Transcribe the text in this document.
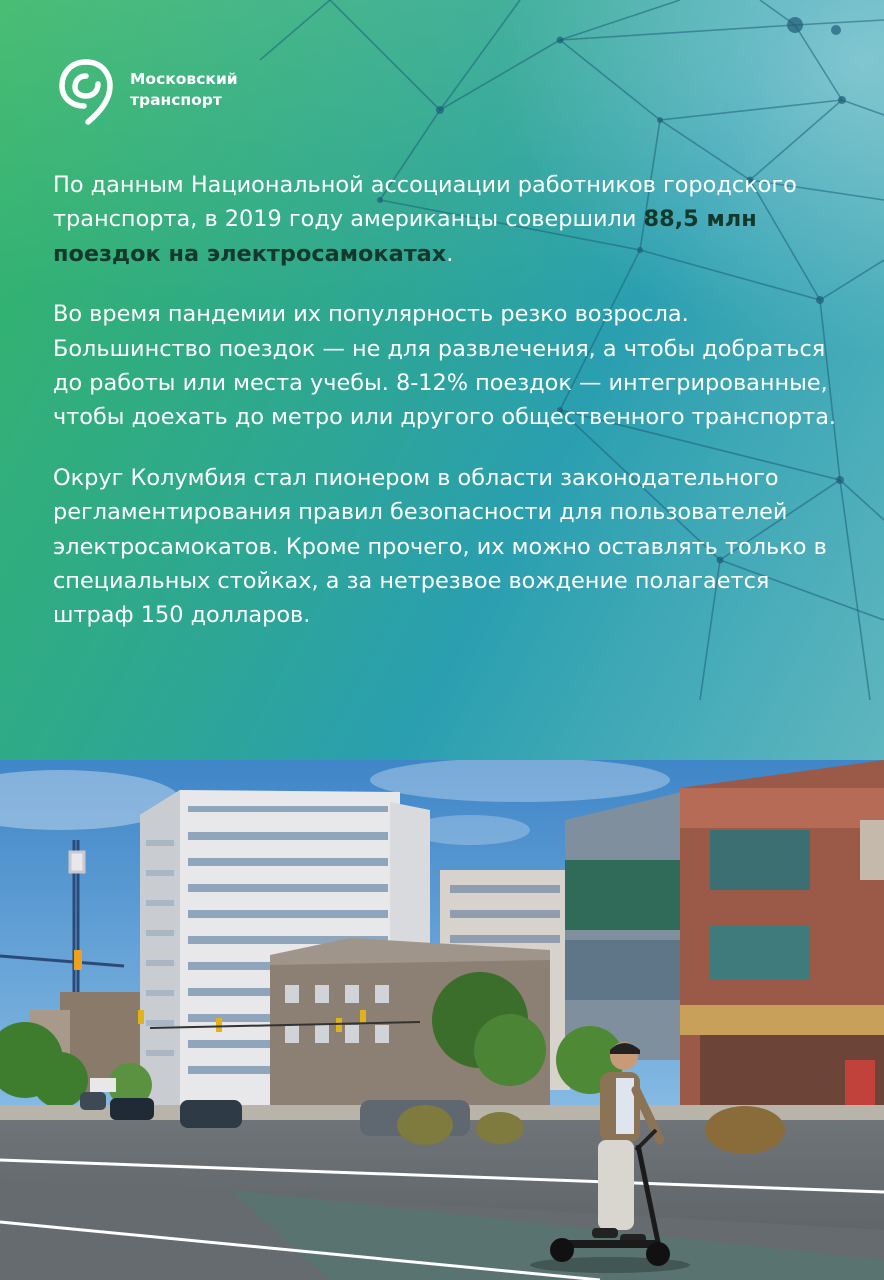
Московский
транспорт

По данным Национальной ассоциации работников городского транспорта, в 2019 году американцы совершили 88,5 млн поездок на электросамокатах.

Во время пандемии их популярность резко возросла. Большинство поездок — не для развлечения, а чтобы добраться до работы или места учебы. 8-12% поездок — интегрированные, чтобы доехать до метро или другого общественного транспорта.

Округ Колумбия стал пионером в области законодательного регламентирования правил безопасности для пользователей электросамокатов. Кроме прочего, их можно оставлять только в специальных стойках, а за нетрезвое вождение полагается штраф 150 долларов.
